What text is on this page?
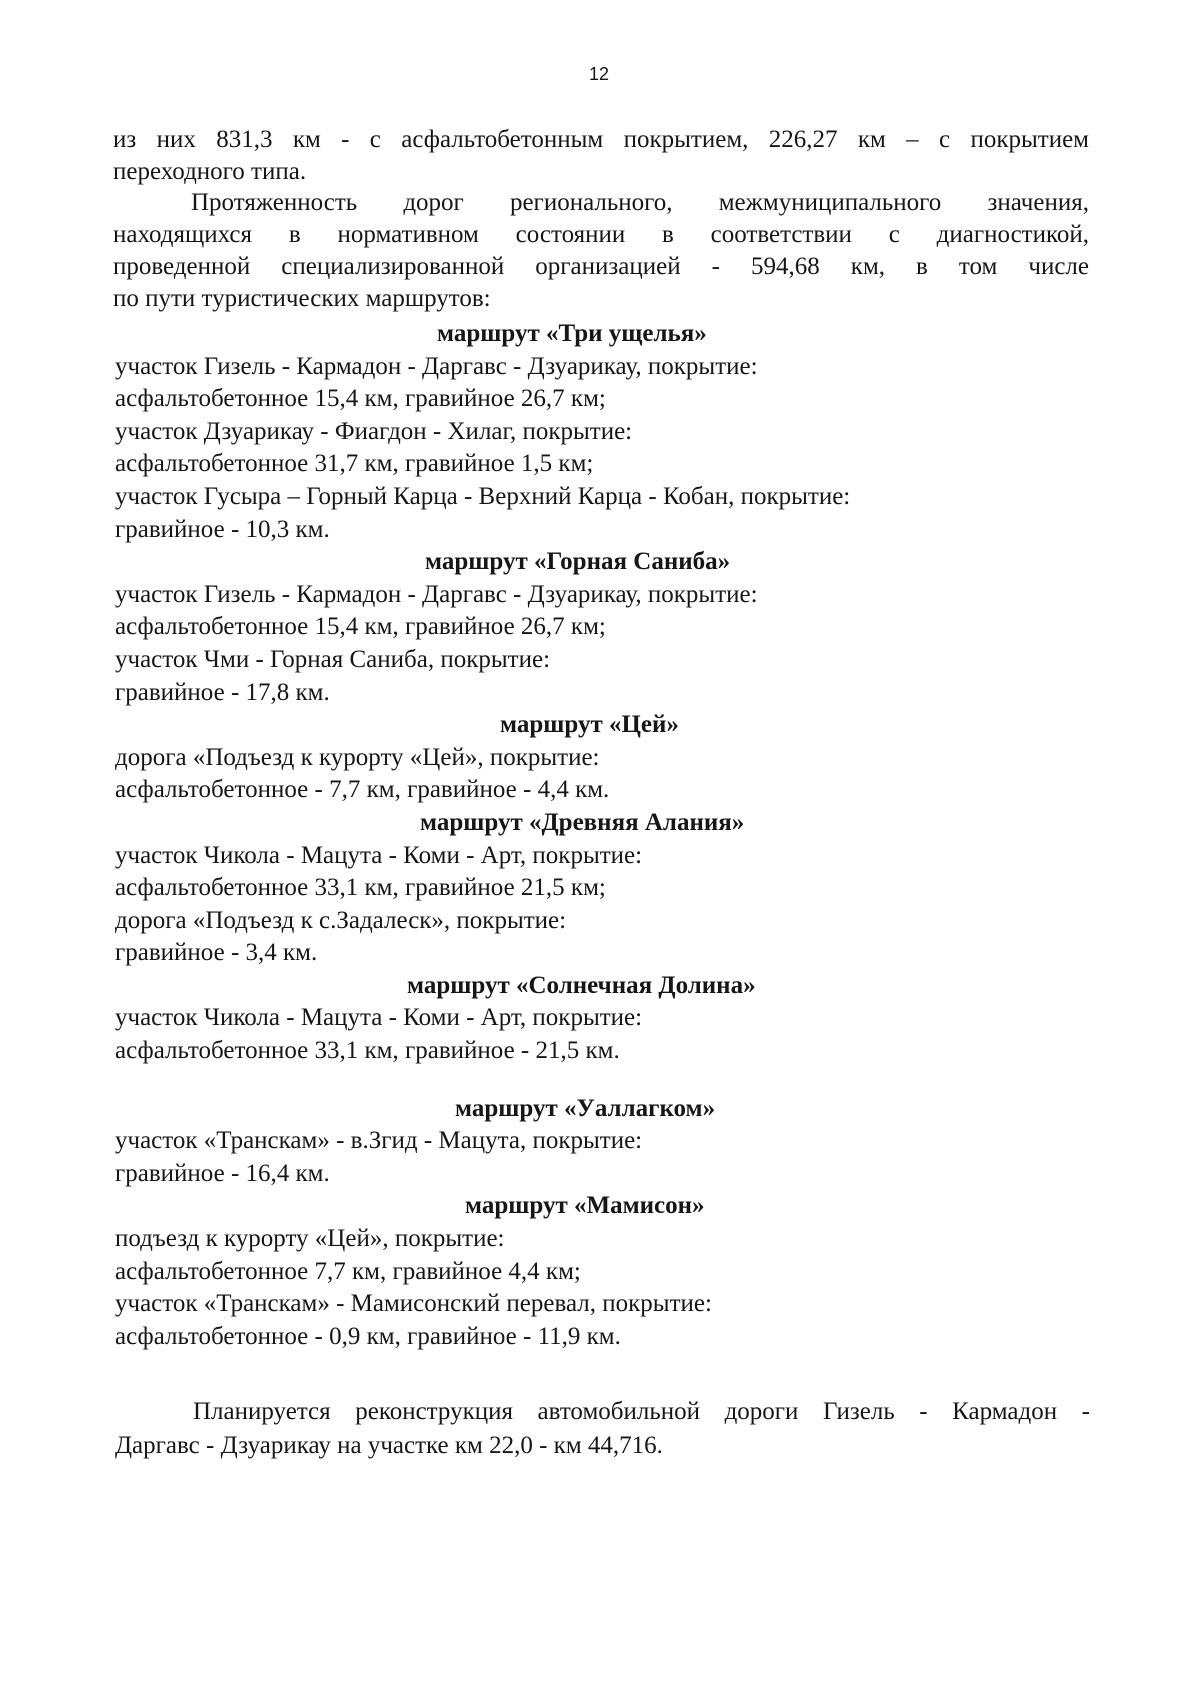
12

из них 831,3 км - с асфальтобетонным покрытием, 226,27 км – с покрытием
переходного типа.

Протяженность дорог регионального, межмуниципального значения,
находящихся в нормативном состоянии в соответствии с диагностикой,
проведенной специализированной организацией - 594,68 км, в том числе
по пути туристических маршрутов:

маршрут «Три ущелья»
участок Гизель - Кармадон - Даргавс - Дзуарикау, покрытие:
асфальтобетонное 15,4 км, гравийное 26,7 км;
участок Дзуарикау - Фиагдон - Хилаг, покрытие:
асфальтобетонное 31,7 км, гравийное 1,5 км;
участок Гусыра – Горный Карца - Верхний Карца - Кобан, покрытие:
гравийное - 10,3 км.
маршрут «Горная Саниба»
участок Гизель - Кармадон - Даргавс - Дзуарикау, покрытие:
асфальтобетонное 15,4 км, гравийное 26,7 км;
участок Чми - Горная Саниба, покрытие:
гравийное - 17,8 км.
маршрут «Цей»
дорога «Подъезд к курорту «Цей», покрытие:
асфальтобетонное - 7,7 км, гравийное - 4,4 км.
маршрут «Древняя Алания»
участок Чикола - Мацута - Коми - Арт, покрытие:
асфальтобетонное 33,1 км, гравийное 21,5 км;
дорога «Подъезд к с.Задалеск», покрытие:
гравийное - 3,4 км.
маршрут «Солнечная Долина»
участок Чикола - Мацута - Коми - Арт, покрытие:
асфальтобетонное 33,1 км, гравийное - 21,5 км.
маршрут «Уаллагком»
участок «Транскам» - в.Згид - Мацута, покрытие:
гравийное - 16,4 км.
маршрут «Мамисон»
подъезд к курорту «Цей», покрытие:
асфальтобетонное 7,7 км, гравийное 4,4 км;
участок «Транскам» - Мамисонский перевал, покрытие:
асфальтобетонное - 0,9 км, гравийное - 11,9 км.

Планируется реконструкция автомобильной дороги Гизель - Кармадон -
Даргавс - Дзуарикау на участке км 22,0 - км 44,716.
